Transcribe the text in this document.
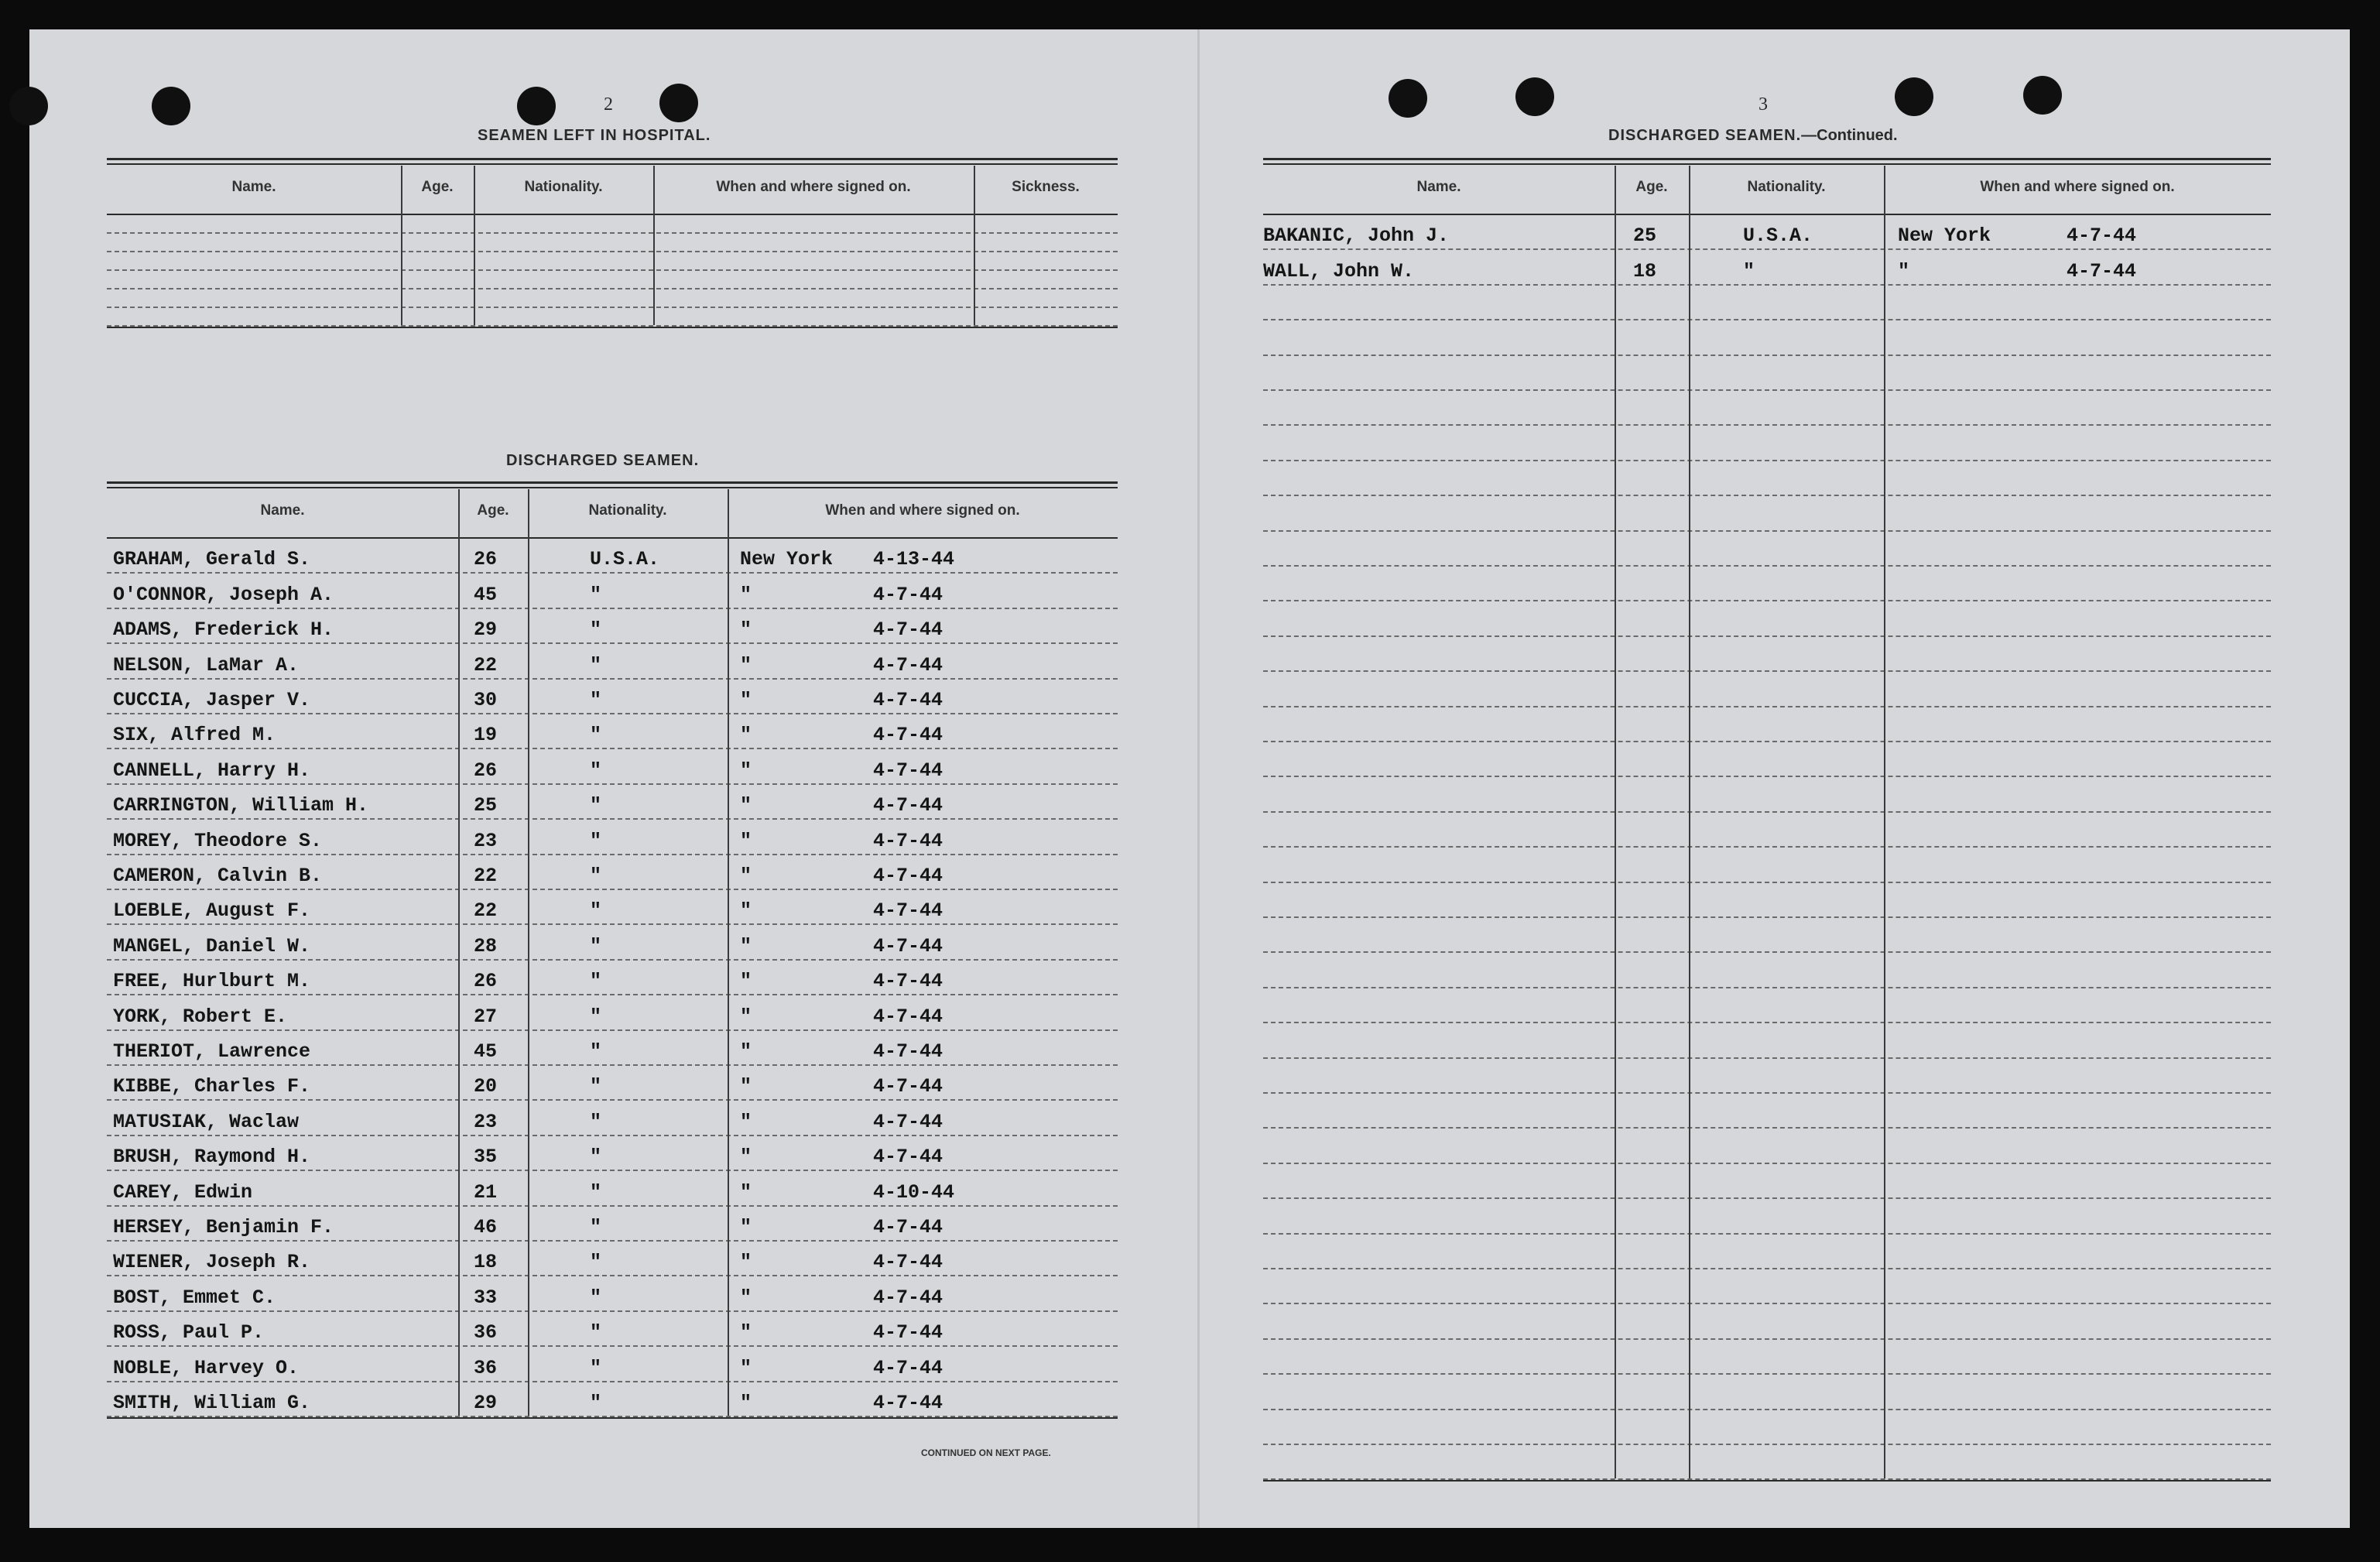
2
SEAMEN LEFT IN HOSPITAL.
DISCHARGED SEAMEN.
CONTINUED ON NEXT PAGE.
3
DISCHARGED SEAMEN.—Continued.
Name.	Age.	Nationality.	When and where signed on.	Sickness.
Name.	Age.	Nationality.	When and where signed on.
GRAHAM, Gerald S.	26	U.S.A.	New York 4-13-44
O'CONNOR, Joseph A.	45	"	"	4-7-44
ADAMS, Frederick H.	29	"	"	4-7-44
NELSON, LaMar A.	22	"	"	4-7-44
CUCCIA, Jasper V.	30	"	"	4-7-44
SIX, Alfred M.	19	"	"	4-7-44
CANNELL, Harry H.	26	"	"	4-7-44
CARRINGTON, William H.	25	"	"	4-7-44
MOREY, Theodore S.	23	"	"	4-7-44
CAMERON, Calvin B.	22	"	"	4-7-44
LOEBLE, August F.	22	"	"	4-7-44
MANGEL, Daniel W.	28	"	"	4-7-44
FREE, Hurlburt M.	26	"	"	4-7-44
YORK, Robert E.	27	"	"	4-7-44
THERIOT, Lawrence	45	"	"	4-7-44
KIBBE, Charles F.	20	"	"	4-7-44
MATUSIAK, Waclaw	23	"	"	4-7-44
BRUSH, Raymond H.	35	"	"	4-7-44
CAREY, Edwin	21	"	"	4-10-44
HERSEY, Benjamin F.	46	"	"	4-7-44
WIENER, Joseph R.	18	"	"	4-7-44
BOST, Emmet C.	33	"	"	4-7-44
ROSS, Paul P.	36	"	"	4-7-44
NOBLE, Harvey O.	36	"	"	4-7-44
SMITH, William G.	29	"	"	4-7-44
Name.	Age.	Nationality.	When and where signed on.
BAKANIC, John J.	25	U.S.A.	New York	4-7-44
WALL, John W.	18	"	"	4-7-44
